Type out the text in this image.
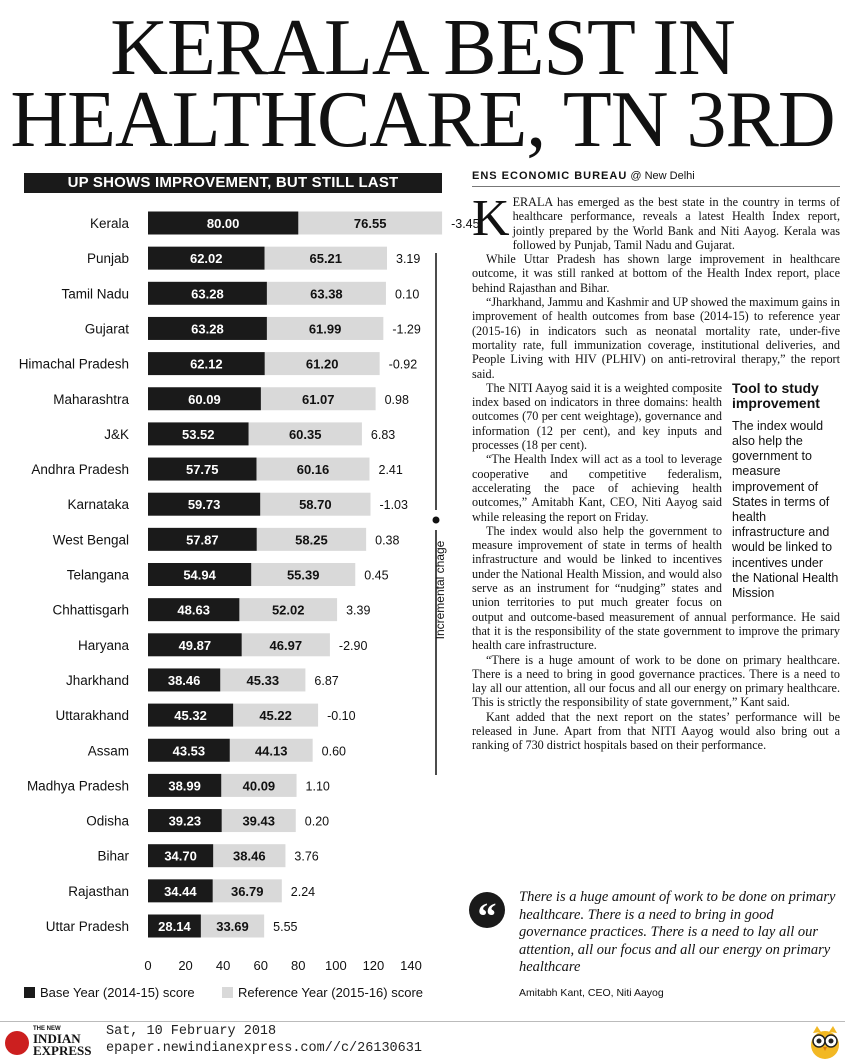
KERALA BEST IN
HEALTHCARE, TN 3RD
UP SHOWS IMPROVEMENT, BUT STILL LAST
Kerala	80.00	76.55	-3.45
Punjab	62.02	65.21	3.19
Tamil Nadu	63.28	63.38	0.10
Gujarat	63.28	61.99	-1.29
Himachal Pradesh	62.12	61.20	-0.92
Maharashtra	60.09	61.07	0.98
J&K	53.52	60.35	6.83
Andhra Pradesh	57.75	60.16	2.41
Karnataka	59.73	58.70	-1.03
West Bengal	57.87	58.25	0.38
Telangana	54.94	55.39	0.45
Chhattisgarh	48.63	52.02	3.39
Haryana	49.87	46.97	-2.90
Jharkhand	38.46	45.33	6.87
Uttarakhand	45.32	45.22	-0.10
Assam	43.53	44.13	0.60
Madhya Pradesh	38.99	40.09 1.10
Odisha	39.23	39.43 0.20
Bihar	34.70	38.46 3.76
Rajasthan	34.44	36.79 2.24
Uttar Pradesh 28.14 33.69 5.55
Incremental chage
0 20 40 60 80 100 120 140
Base Year (2014-15) score	Reference Year (2015-16) score
ENS ECONOMIC BUREAU @ New Delhi

KERALA has emerged as the best state in the country in terms of healthcare performance, reveals a latest Health Index report, jointly prepared by the World Bank and Niti Aayog. Kerala was followed by Punjab, Tamil Nadu and Gujarat.

While Uttar Pradesh has shown large improvement in healthcare outcome, it was still ranked at bottom of the Health Index report, place behind Rajasthan and Bihar.

“Jharkhand, Jammu and Kashmir and UP showed the maximum gains in improvement of health outcomes from base (2014-15) to reference year (2015-16) in indicators such as neonatal mortality rate, under-five mortality rate, full immunization coverage, institutional deliveries, and People Living with HIV (PLHIV) on anti-retroviral therapy,” the report said.

Tool to study improvement
The index would also help the government to measure improvement of States in terms of health infrastructure and would be linked to incentives under the National Health Mission

The NITI Aayog said it is a weighted composite index based on indicators in three domains: health outcomes (70 per cent weightage), governance and information (12 per cent), and key inputs and processes (18 per cent).

“The Health Index will act as a tool to leverage cooperative and competitive federalism, accelerating the pace of achieving health outcomes,” Amitabh Kant, CEO, Niti Aayog said while releasing the report on Friday.

The index would also help the government to measure improvement of state in terms of health infrastructure and would be linked to incentives under the National Health Mission, and would also serve as an instrument for “nudging” states and union territories to put much greater focus on output and outcome-based measurement of annual performance. He said that it is the responsibility of the state government to improve the primary health care infrastructure.

“There is a huge amount of work to be done on primary healthcare. There is a need to bring in good governance practices. There is a need to lay all our attention, all our focus and all our energy on primary healthcare. This is strictly the responsibility of state government,” Kant said.

Kant added that the next report on the states’ performance will be released in June. Apart from that NITI Aayog would also bring out a ranking of 730 district hospitals based on their performance.

“	There is a huge amount of work to be done on primary healthcare. There is a need to bring in good governance practices. There is a need to lay all our attention, all our focus and all our energy on primary healthcare
Amitabh Kant, CEO, Niti Aayog
THE NEW
INDIAN EXPRESS
Sat, 10 February 2018
epaper.newindianexpress.com//c/26130631
